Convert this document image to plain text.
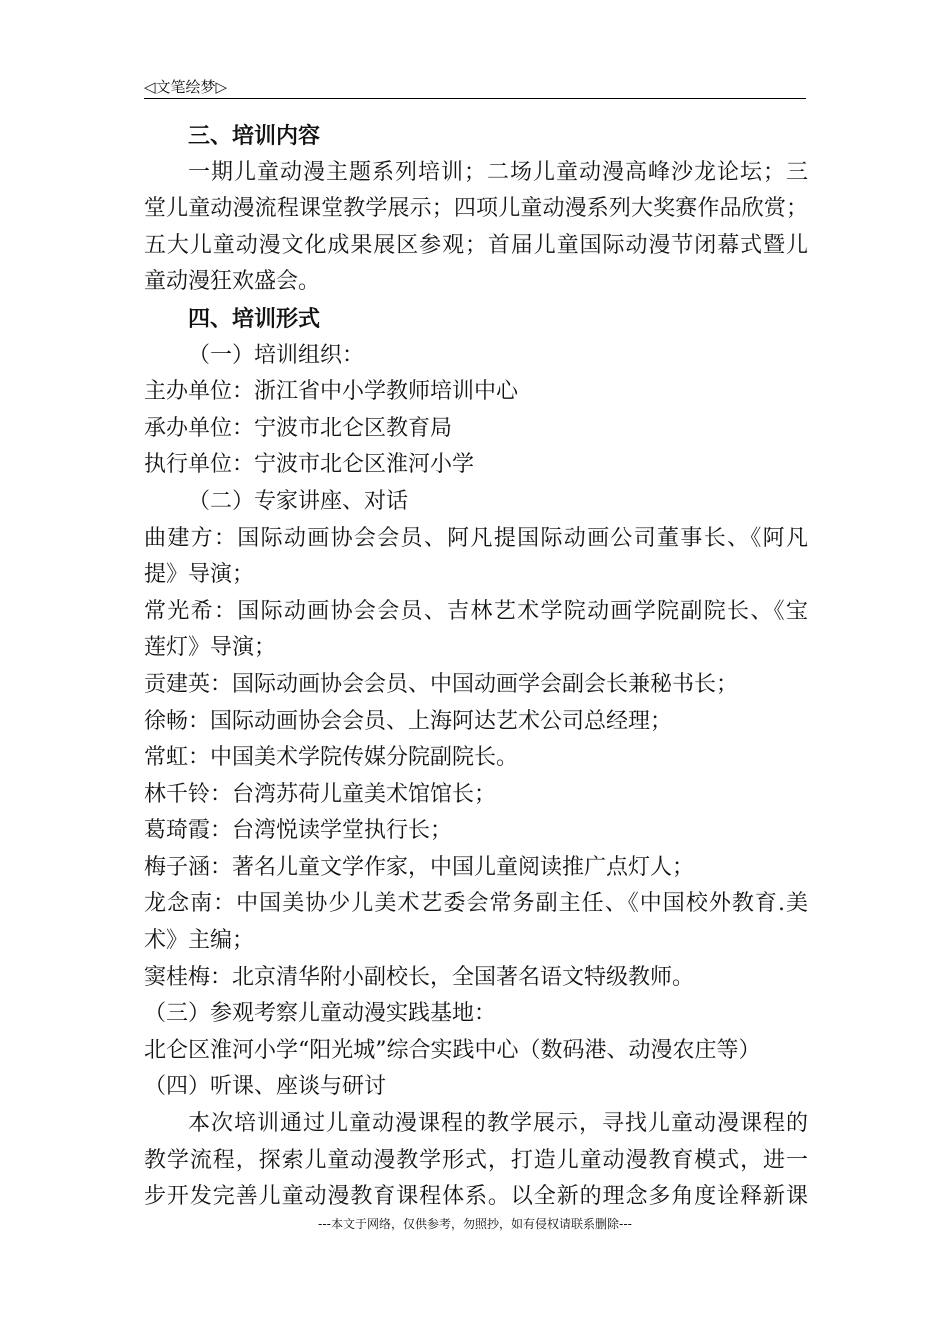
◁文笔绘梦▷
三、培训内容
一期儿童动漫主题系列培训；二场儿童动漫高峰沙龙论坛；三
堂儿童动漫流程课堂教学展示；四项儿童动漫系列大奖赛作品欣赏；
五大儿童动漫文化成果展区参观；首届儿童国际动漫节闭幕式暨儿
童动漫狂欢盛会。
四、培训形式
（一）培训组织：
主办单位：浙江省中小学教师培训中心
承办单位：宁波市北仑区教育局
执行单位：宁波市北仑区淮河小学
（二）专家讲座、对话
曲建方：国际动画协会会员、阿凡提国际动画公司董事长、《阿凡
提》导演；
常光希：国际动画协会会员、吉林艺术学院动画学院副院长、《宝
莲灯》导演；
贡建英：国际动画协会会员、中国动画学会副会长兼秘书长；
徐畅：国际动画协会会员、上海阿达艺术公司总经理；
常虹：中国美术学院传媒分院副院长。
林千铃：台湾苏荷儿童美术馆馆长；
葛琦霞：台湾悦读学堂执行长；
梅子涵：著名儿童文学作家，中国儿童阅读推广点灯人；
龙念南：中国美协少儿美术艺委会常务副主任、《中国校外教育.美
术》主编；
窦桂梅：北京清华附小副校长，全国著名语文特级教师。
（三）参观考察儿童动漫实践基地：
北仑区淮河小学“阳光城”综合实践中心（数码港、动漫农庄等）
（四）听课、座谈与研讨
本次培训通过儿童动漫课程的教学展示，寻找儿童动漫课程的
教学流程，探索儿童动漫教学形式，打造儿童动漫教育模式，进一
步开发完善儿童动漫教育课程体系。以全新的理念多角度诠释新课
---本文于网络，仅供参考，勿照抄，如有侵权请联系删除---
